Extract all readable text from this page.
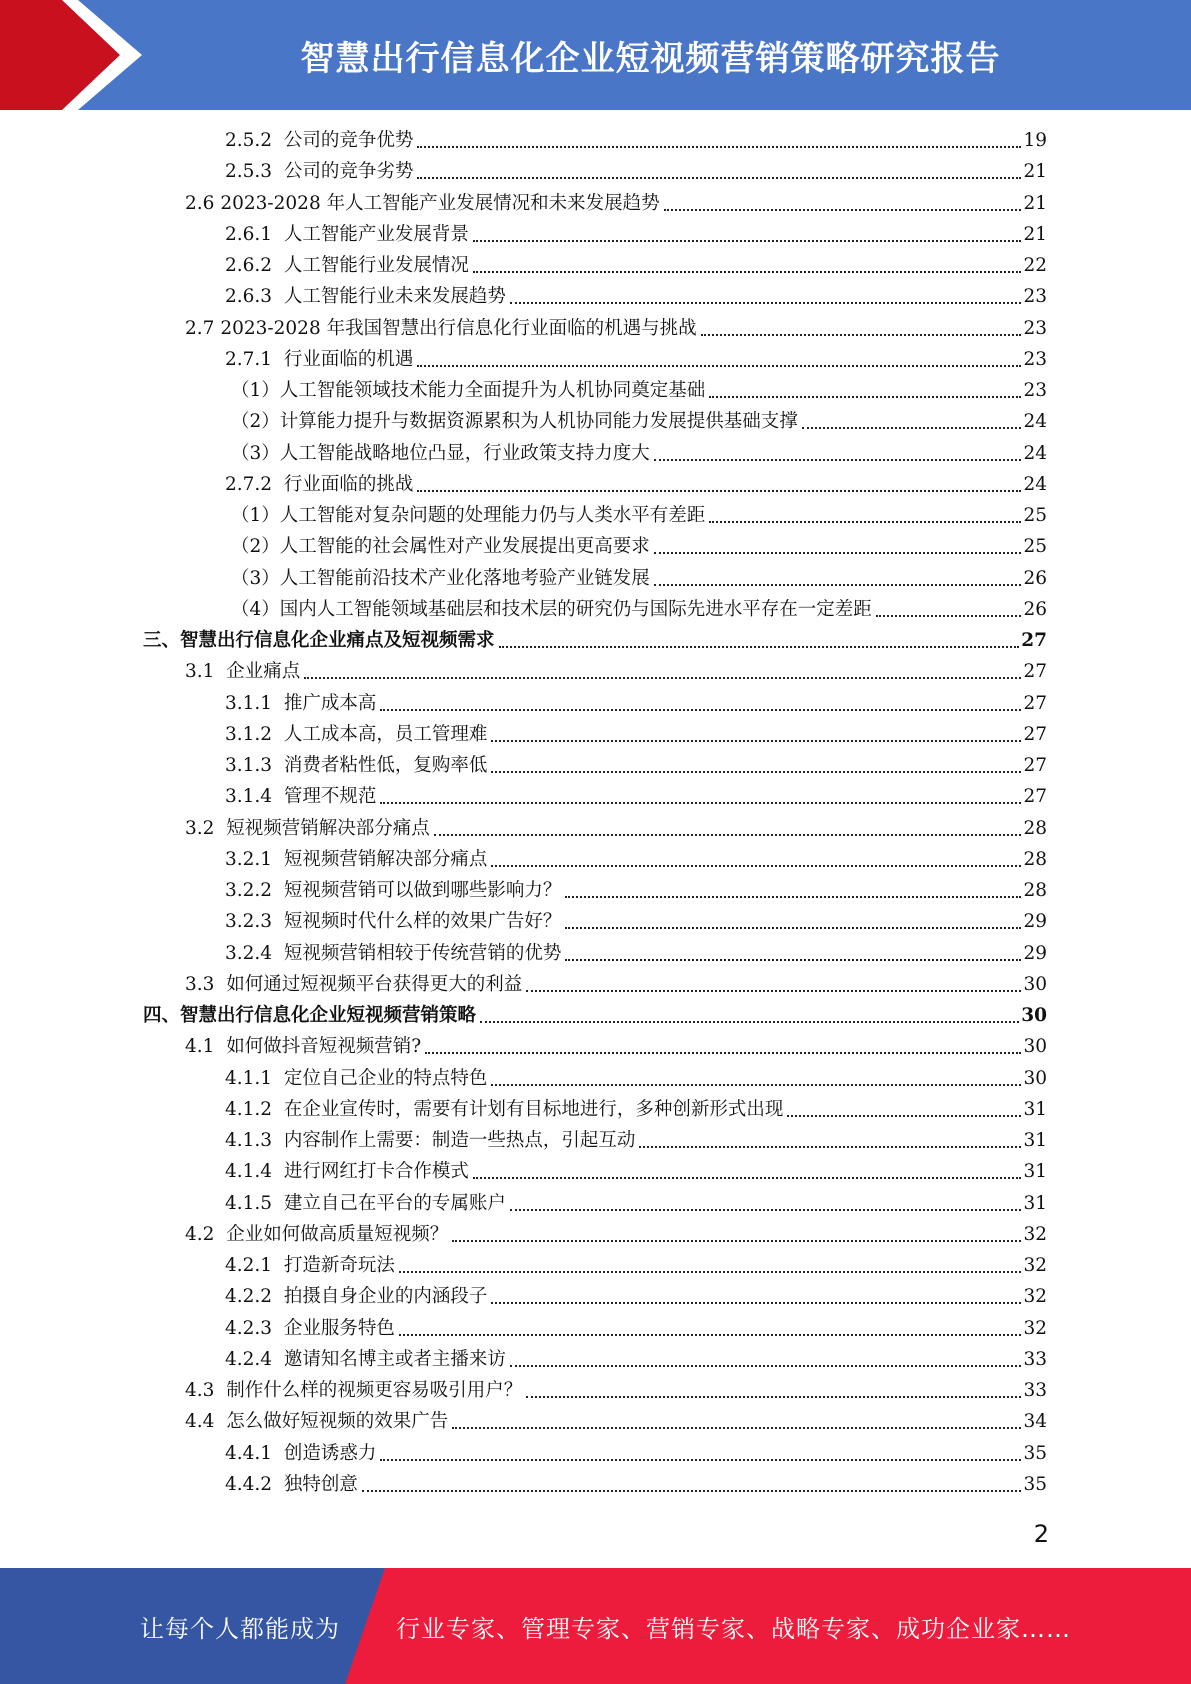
智慧出行信息化企业短视频营销策略研究报告
2.5.2 公司的竞争优势	19
2.5.3 公司的竞争劣势	21
2.6 2023-2028 年人工智能产业发展情况和未来发展趋势	21
2.6.1 人工智能产业发展背景	21
2.6.2 人工智能行业发展情况	22
2.6.3 人工智能行业未来发展趋势	23
2.7 2023-2028 年我国智慧出行信息化行业面临的机遇与挑战	23
2.7.1 行业面临的机遇	23
（1）人工智能领域技术能力全面提升为人机协同奠定基础	23
（2）计算能力提升与数据资源累积为人机协同能力发展提供基础支撑	24
（3）人工智能战略地位凸显，行业政策支持力度大	24
2.7.2 行业面临的挑战	24
（1）人工智能对复杂问题的处理能力仍与人类水平有差距	25
（2）人工智能的社会属性对产业发展提出更高要求	25
（3）人工智能前沿技术产业化落地考验产业链发展	26
（4）国内人工智能领域基础层和技术层的研究仍与国际先进水平存在一定差距	26
三、智慧出行信息化企业痛点及短视频需求	27
3.1 企业痛点	27
3.1.1 推广成本高	27
3.1.2 人工成本高，员工管理难	27
3.1.3 消费者粘性低，复购率低	27
3.1.4 管理不规范	27
3.2 短视频营销解决部分痛点	28
3.2.1 短视频营销解决部分痛点	28
3.2.2 短视频营销可以做到哪些影响力？	28
3.2.3 短视频时代什么样的效果广告好？	29
3.2.4 短视频营销相较于传统营销的优势	29
3.3 如何通过短视频平台获得更大的利益	30
四、智慧出行信息化企业短视频营销策略	30
4.1 如何做抖音短视频营销?	30
4.1.1 定位自己企业的特点特色	30
4.1.2 在企业宣传时，需要有计划有目标地进行，多种创新形式出现	31
4.1.3 内容制作上需要：制造一些热点，引起互动	31
4.1.4 进行网红打卡合作模式	31
4.1.5 建立自己在平台的专属账户	31
4.2 企业如何做高质量短视频？	32
4.2.1 打造新奇玩法	32
4.2.2 拍摄自身企业的内涵段子	32
4.2.3 企业服务特色	32
4.2.4 邀请知名博主或者主播来访	33
4.3 制作什么样的视频更容易吸引用户？	33
4.4 怎么做好短视频的效果广告	34
4.4.1 创造诱惑力	35
4.4.2 独特创意	35
2
让每个人都能成为 行业专家、管理专家、营销专家、战略专家、成功企业家……
